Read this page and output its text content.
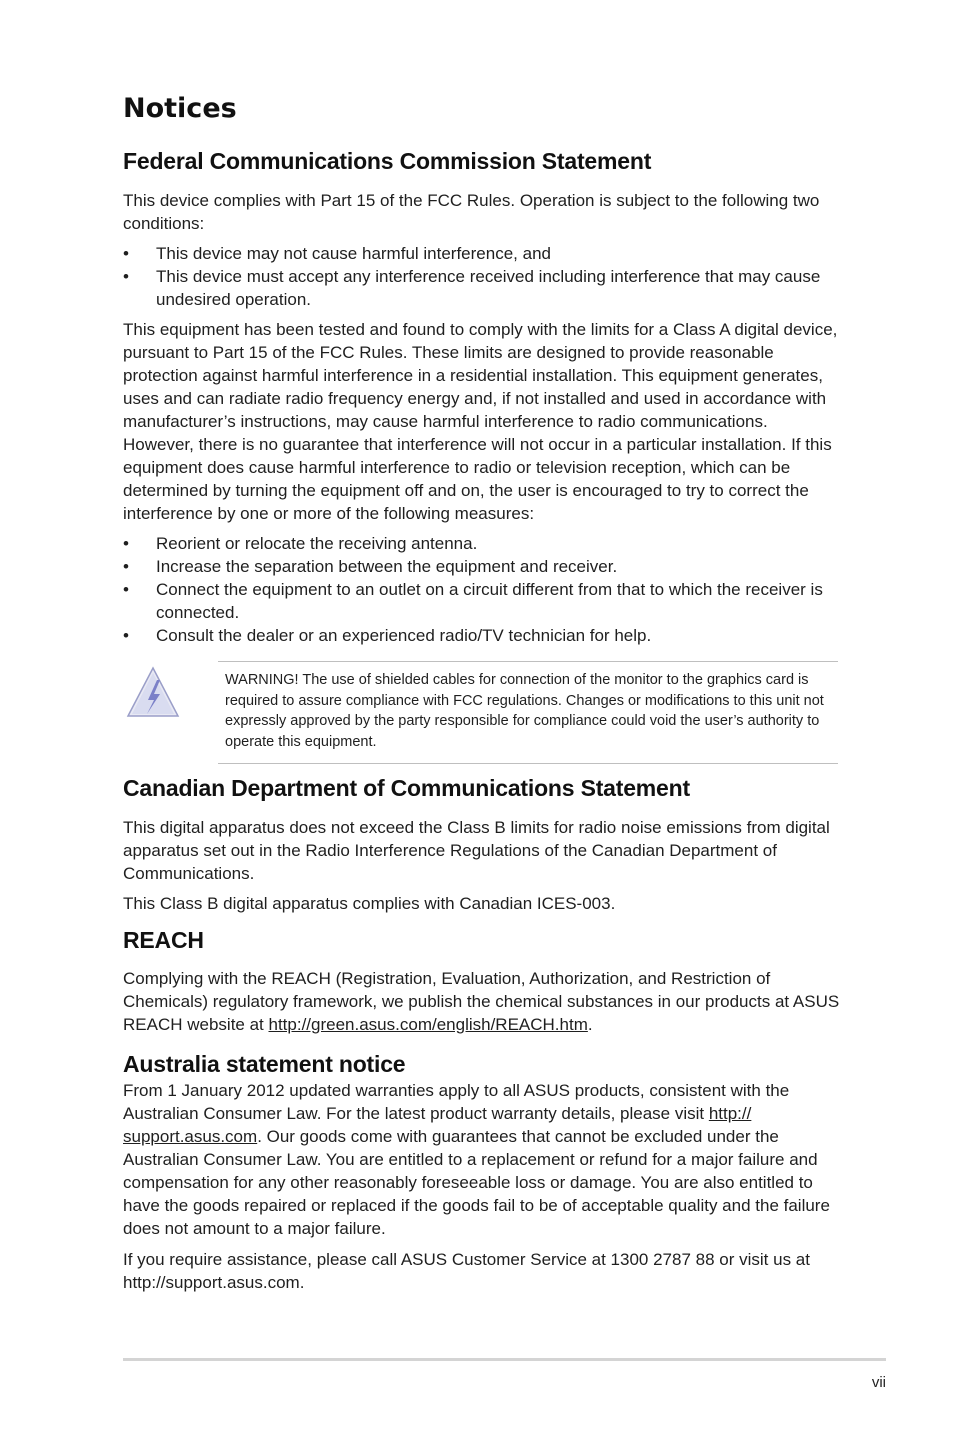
Notices
Federal Communications Commission Statement

This device complies with Part 15 of the FCC Rules. Operation is subject to the following two conditions:

• This device may not cause harmful interference, and
• This device must accept any interference received including interference that may cause undesired operation.

This equipment has been tested and found to comply with the limits for a Class A digital device, pursuant to Part 15 of the FCC Rules. These limits are designed to provide reasonable protection against harmful interference in a residential installation. This equipment generates, uses and can radiate radio frequency energy and, if not installed and used in accordance with manufacturer’s instructions, may cause harmful interference to radio communications. However, there is no guarantee that interference will not occur in a particular installation. If this equipment does cause harmful interference to radio or television reception, which can be determined by turning the equipment off and on, the user is encouraged to try to correct the interference by one or more of the following measures:

• Reorient or relocate the receiving antenna.
• Increase the separation between the equipment and receiver.
• Connect the equipment to an outlet on a circuit different from that to which the receiver is connected.
• Consult the dealer or an experienced radio/TV technician for help.

WARNING! The use of shielded cables for connection of the monitor to the graphics card is required to assure compliance with FCC regulations. Changes or modifications to this unit not expressly approved by the party responsible for compliance could void the user’s authority to operate this equipment.

Canadian Department of Communications Statement

This digital apparatus does not exceed the Class B limits for radio noise emissions from digital apparatus set out in the Radio Interference Regulations of the Canadian Department of Communications.

This Class B digital apparatus complies with Canadian ICES-003.

REACH

Complying with the REACH (Registration, Evaluation, Authorization, and Restriction of Chemicals) regulatory framework, we publish the chemical substances in our products at ASUS REACH website at http://green.asus.com/english/REACH.htm.

Australia statement notice

From 1 January 2012 updated warranties apply to all ASUS products, consistent with the Australian Consumer Law. For the latest product warranty details, please visit http:// support.asus.com. Our goods come with guarantees that cannot be excluded under the Australian Consumer Law. You are entitled to a replacement or refund for a major failure and compensation for any other reasonably foreseeable loss or damage. You are also entitled to have the goods repaired or replaced if the goods fail to be of acceptable quality and the failure does not amount to a major failure.

If you require assistance, please call ASUS Customer Service at 1300 2787 88 or visit us at http://support.asus.com.

vii
